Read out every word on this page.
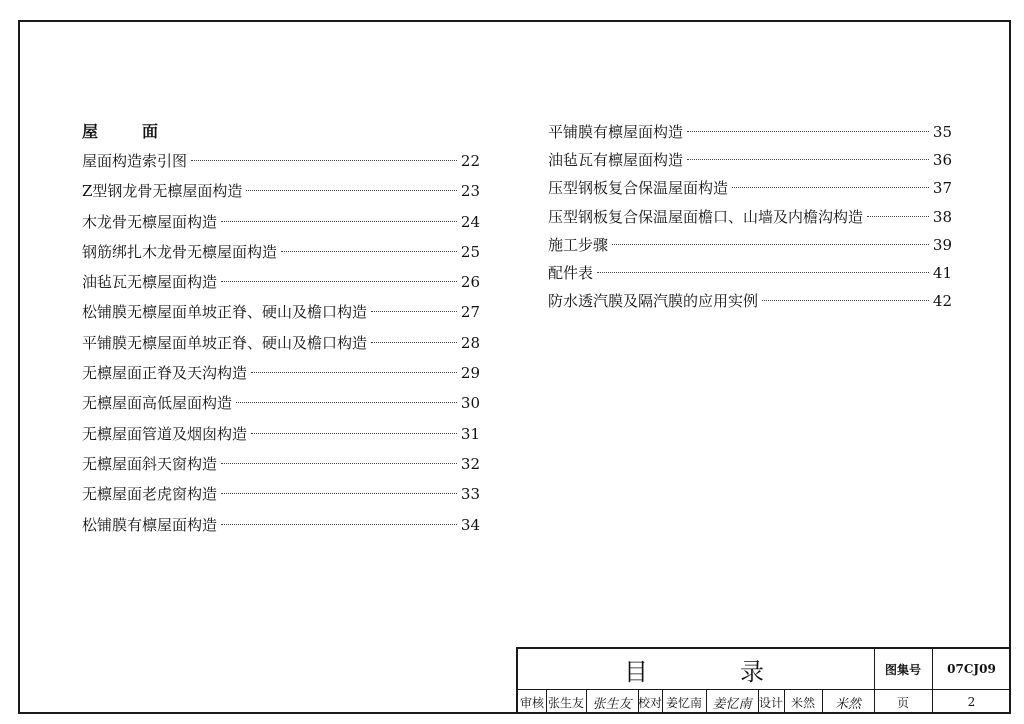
屋　面
屋面构造索引图	22
Z型钢龙骨无檩屋面构造	23
木龙骨无檩屋面构造	24
钢筋绑扎木龙骨无檩屋面构造	25
油毡瓦无檩屋面构造	26
松铺膜无檩屋面单坡正脊、硬山及檐口构造	27
平铺膜无檩屋面单坡正脊、硬山及檐口构造	28
无檩屋面正脊及天沟构造	29
无檩屋面高低屋面构造	30
无檩屋面管道及烟囱构造	31
无檩屋面斜天窗构造	32
无檩屋面老虎窗构造	33
松铺膜有檩屋面构造	34
平铺膜有檩屋面构造	35
油毡瓦有檩屋面构造	36
压型钢板复合保温屋面构造	37
压型钢板复合保温屋面檐口、山墙及内檐沟构造	38
施工步骤	39
配件表	41
防水透汽膜及隔汽膜的应用实例	42
目　录	图集号	07CJ09
审核 张生友 张生友 校对 姜忆南 姜忆南 设计 米然	米然	页	2
